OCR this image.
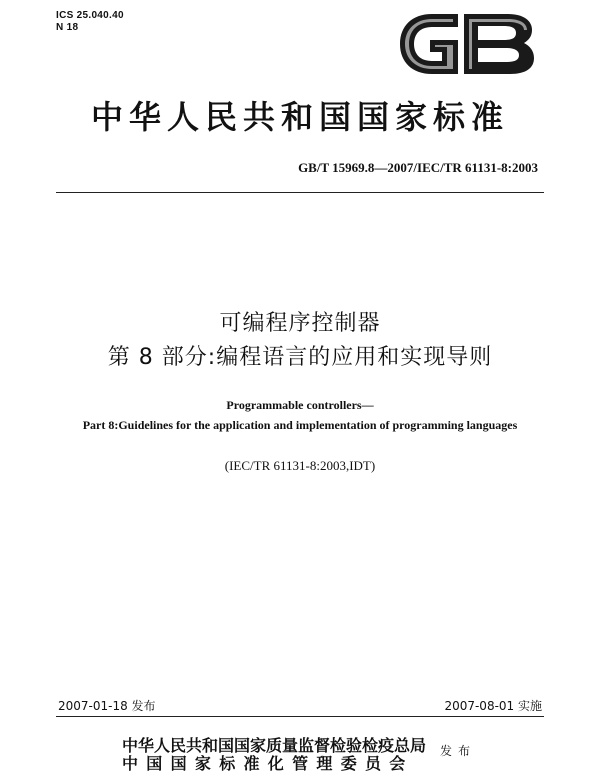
ICS 25.040.40
N 18
中华人民共和国国家标准
GB/T 15969.8—2007/IEC/TR 61131-8:2003
可编程序控制器
第 8 部分:编程语言的应用和实现导则
Programmable controllers—
Part 8:Guidelines for the application and implementation of programming languages
(IEC/TR 61131-8:2003,IDT)
2007-01-18 发布	2007-08-01 实施
中华人民共和国国家质量监督检验检疫总局
中国国家标准化管理委员会
发布
